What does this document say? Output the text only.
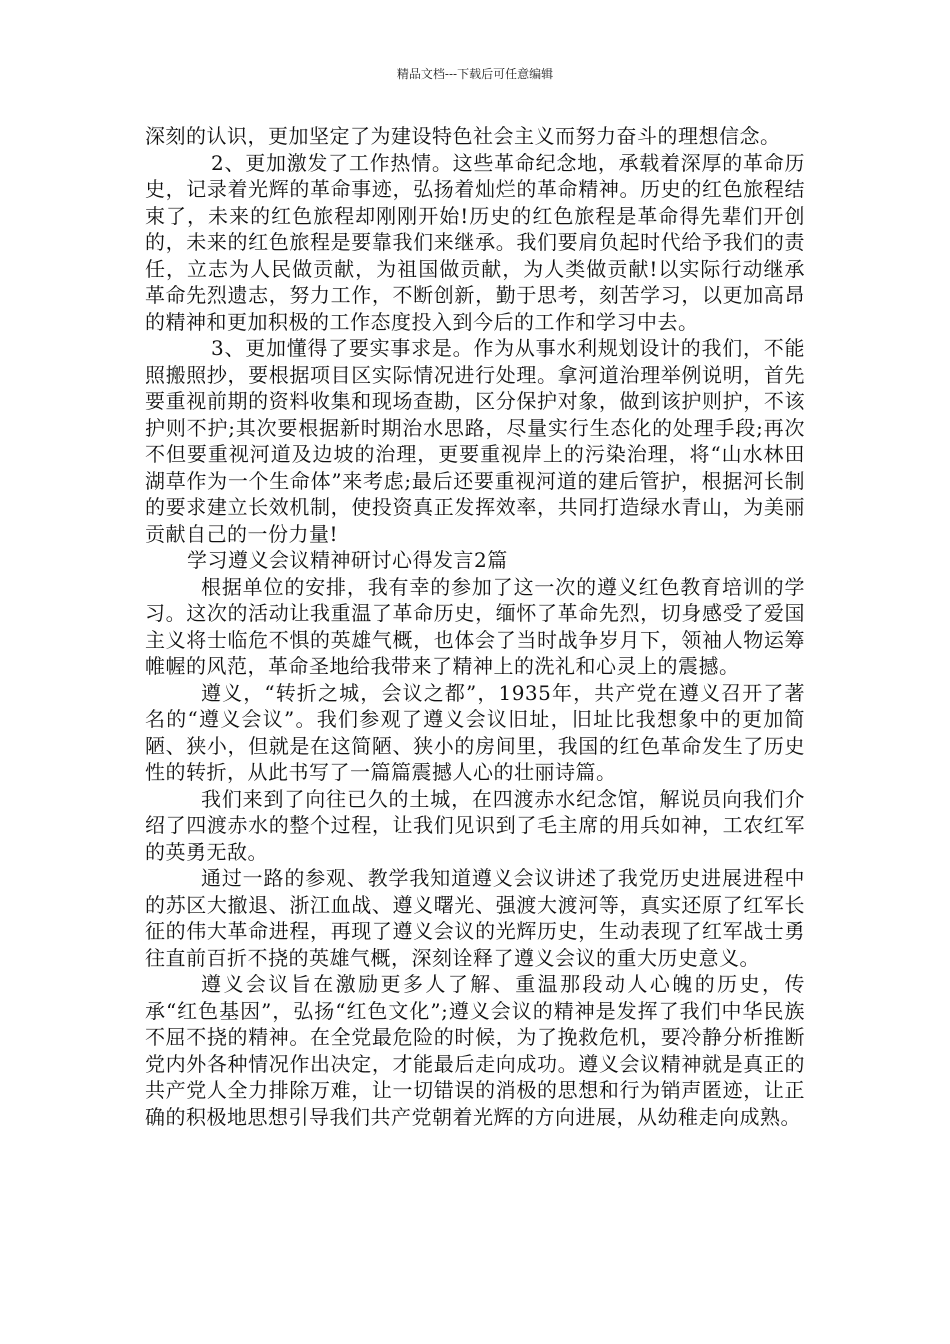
精品文档---下载后可任意编辑

深刻的认识，更加坚定了为建设特色社会主义而努力奋斗的理想信念。

2、更加激发了工作热情。这些革命纪念地，承载着深厚的革命历史，记录着光辉的革命事迹，弘扬着灿烂的革命精神。历史的红色旅程结束了，未来的红色旅程却刚刚开始!历史的红色旅程是革命得先辈们开创的，未来的红色旅程是要靠我们来继承。我们要肩负起时代给予我们的责任，立志为人民做贡献，为祖国做贡献，为人类做贡献!以实际行动继承革命先烈遗志，努力工作，不断创新，勤于思考，刻苦学习，以更加高昂的精神和更加积极的工作态度投入到今后的工作和学习中去。

3、更加懂得了要实事求是。作为从事水利规划设计的我们，不能照搬照抄，要根据项目区实际情况进行处理。拿河道治理举例说明，首先要重视前期的资料收集和现场查勘，区分保护对象，做到该护则护，不该护则不护;其次要根据新时期治水思路，尽量实行生态化的处理手段;再次不但要重视河道及边坡的治理，更要重视岸上的污染治理，将“山水林田湖草作为一个生命体”来考虑;最后还要重视河道的建后管护，根据河长制的要求建立长效机制，使投资真正发挥效率，共同打造绿水青山，为美丽贡献自己的一份力量!

学习遵义会议精神研讨心得发言2篇

根据单位的安排，我有幸的参加了这一次的遵义红色教育培训的学习。这次的活动让我重温了革命历史，缅怀了革命先烈，切身感受了爱国主义将士临危不惧的英雄气概，也体会了当时战争岁月下，领袖人物运筹帷幄的风范，革命圣地给我带来了精神上的洗礼和心灵上的震撼。

遵义，“转折之城，会议之都”，1935年，共产党在遵义召开了著名的“遵义会议”。我们参观了遵义会议旧址，旧址比我想象中的更加简陋、狭小，但就是在这简陋、狭小的房间里，我国的红色革命发生了历史性的转折，从此书写了一篇篇震撼人心的壮丽诗篇。

我们来到了向往已久的土城，在四渡赤水纪念馆，解说员向我们介绍了四渡赤水的整个过程，让我们见识到了毛主席的用兵如神，工农红军的英勇无敌。

通过一路的参观、教学我知道遵义会议讲述了我党历史进展进程中的苏区大撤退、浙江血战、遵义曙光、强渡大渡河等，真实还原了红军长征的伟大革命进程，再现了遵义会议的光辉历史，生动表现了红军战士勇往直前百折不挠的英雄气概，深刻诠释了遵义会议的重大历史意义。

遵义会议旨在激励更多人了解、重温那段动人心魄的历史，传承“红色基因”，弘扬“红色文化”;遵义会议的精神是发挥了我们中华民族不屈不挠的精神。在全党最危险的时候，为了挽救危机，要冷静分析推断党内外各种情况作出决定，才能最后走向成功。遵义会议精神就是真正的共产党人全力排除万难，让一切错误的消极的思想和行为销声匿迹，让正确的积极地思想引导我们共产党朝着光辉的方向进展，从幼稚走向成熟。
